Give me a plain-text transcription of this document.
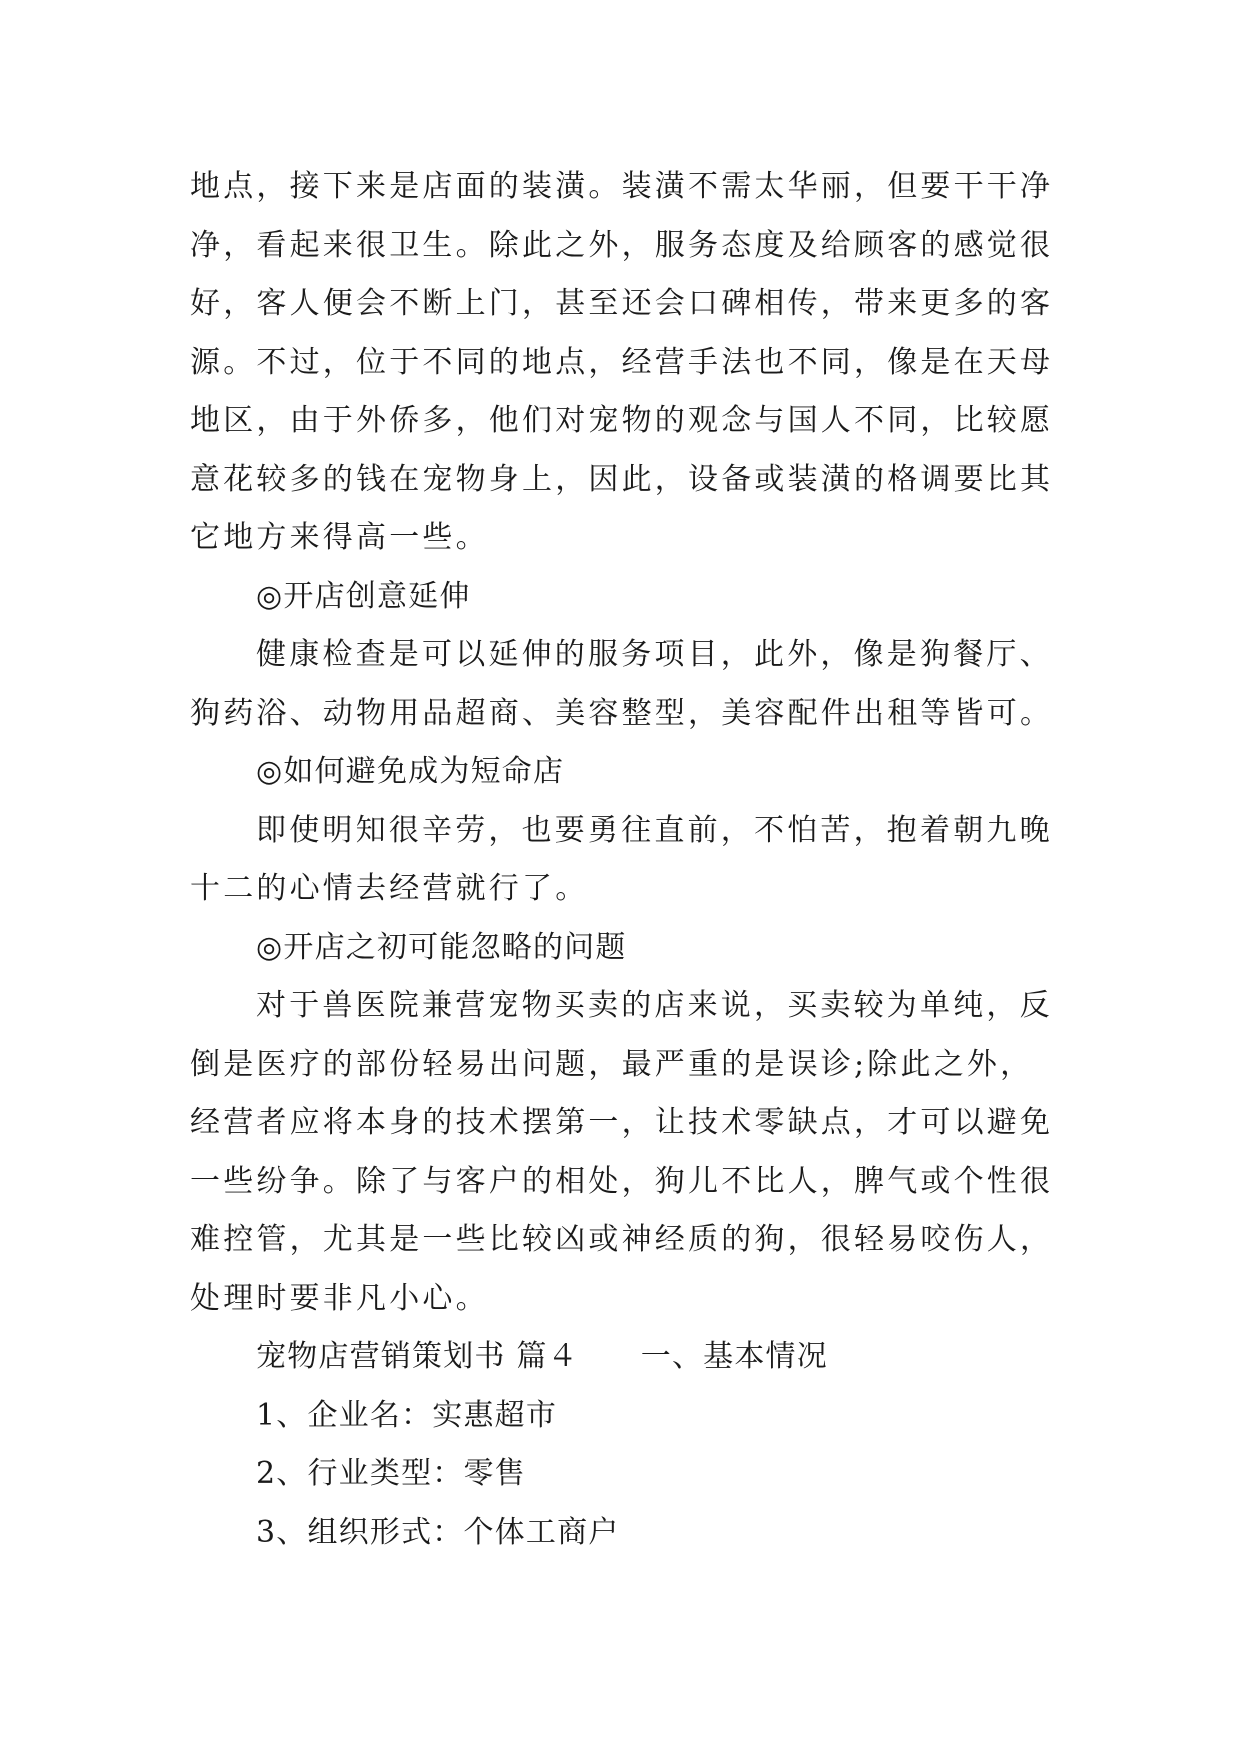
地点，接下来是店面的装潢。装潢不需太华丽，但要干干净
净，看起来很卫生。除此之外，服务态度及给顾客的感觉很
好，客人便会不断上门，甚至还会口碑相传，带来更多的客
源。不过，位于不同的地点，经营手法也不同，像是在天母
地区，由于外侨多，他们对宠物的观念与国人不同，比较愿
意花较多的钱在宠物身上，因此，设备或装潢的格调要比其
它地方来得高一些。
◎开店创意延伸
健康检查是可以延伸的服务项目，此外，像是狗餐厅、
狗药浴、动物用品超商、美容整型，美容配件出租等皆可。
◎如何避免成为短命店
即使明知很辛劳，也要勇往直前，不怕苦，抱着朝九晚
十二的心情去经营就行了。
◎开店之初可能忽略的问题
对于兽医院兼营宠物买卖的店来说，买卖较为单纯，反
倒是医疗的部份轻易出问题，最严重的是误诊;除此之外，
经营者应将本身的技术摆第一，让技术零缺点，才可以避免
一些纷争。除了与客户的相处，狗儿不比人，脾气或个性很
难控管，尤其是一些比较凶或神经质的狗，很轻易咬伤人，
处理时要非凡小心。
宠物店营销策划书 篇４ 一、基本情况
1、企业名：实惠超市
2、行业类型：零售
3、组织形式：个体工商户
